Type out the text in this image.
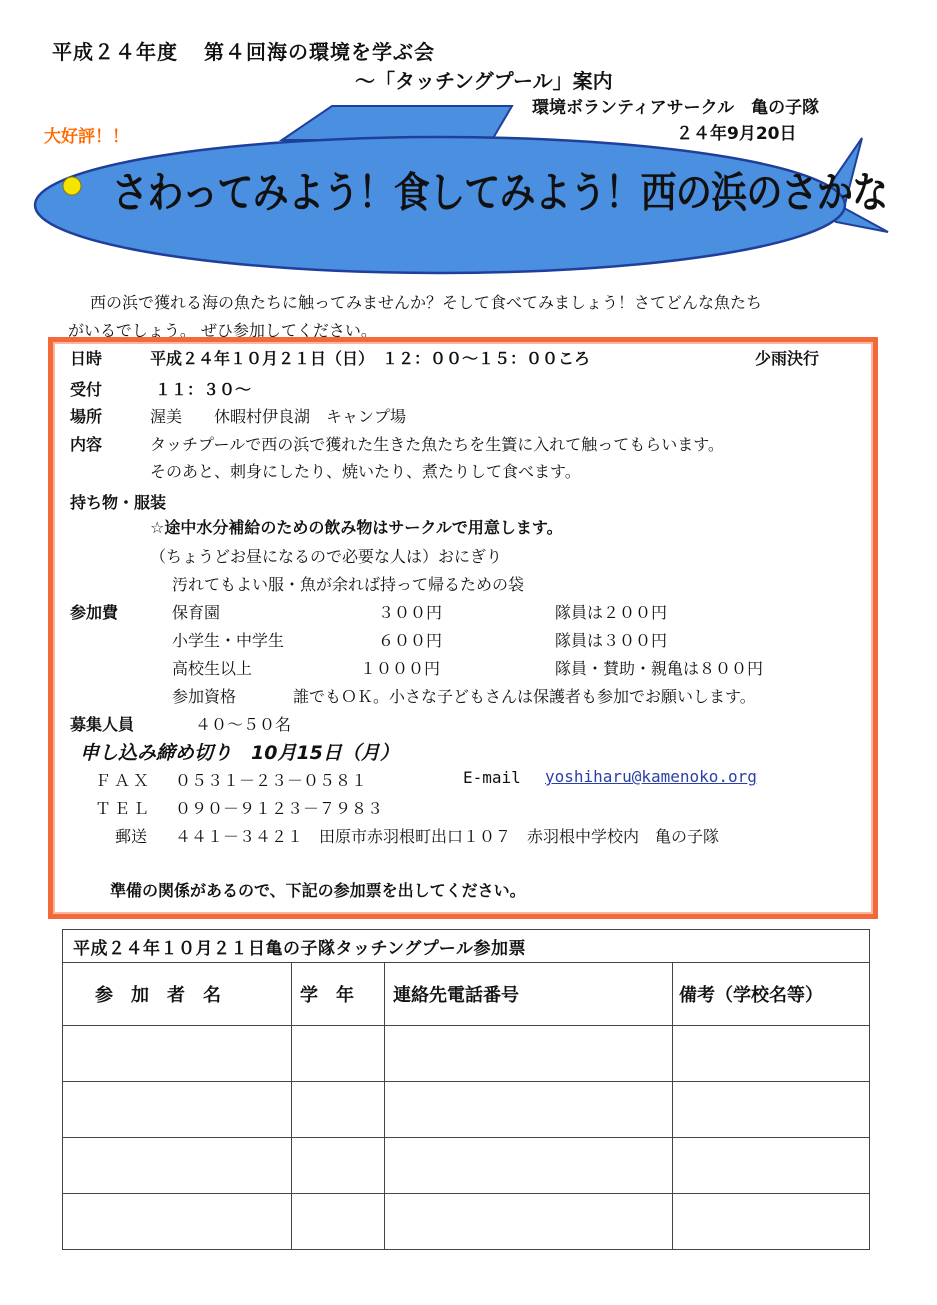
平成２４年度 第４回海の環境を学ぶ会
～「タッチングプール」案内
環境ボランティアサークル　亀の子隊
２４年9月20日
大好評！！
さわってみよう！食してみよう！西の浜のさかな
西の浜で獲れる海の魚たちに触ってみませんか？そして食べてみましょう！さてどんな魚たち
がいるでしょう。 ぜひ参加してください。
日時	平成２４年１０月２１日（日）　１２：００～１５：００ころ	少雨決行
受付	１１：３０～
場所	渥美　　休暇村伊良湖　キャンプ場
内容	タッチプールで西の浜で獲れた生きた魚たちを生簀に入れて触ってもらいます。
そのあと、刺身にしたり、焼いたり、煮たりして食べます。
持ち物・服装
☆途中水分補給のための飲み物はサークルで用意します。
（ちょうどお昼になるので必要な人は）おにぎり
汚れてもよい服・魚が余れば持って帰るための袋
参加費	保育園	３００円	隊員は２００円
小学生・中学生	６００円	隊員は３００円
高校生以上	１０００円	隊員・賛助・親亀は８００円
参加資格	誰でもＯＫ。小さな子どもさんは保護者も参加でお願いします。
募集人員	４０～５０名
申し込み締め切り　10月15日（月）
ＦＡＸ ０５３１－２３－０５８１	E-mail yoshiharu@kamenoko.org
ＴＥＬ ０９０－９１２３－７９８３
郵送 ４４１－３４２１　田原市赤羽根町出口１０７　赤羽根中学校内　亀の子隊
準備の関係があるので、下記の参加票を出してください。
平成２４年１０月２１日亀の子隊タッチングプール参加票			
参　加　者　名	学　年	連絡先電話番号	備考（学校名等）
